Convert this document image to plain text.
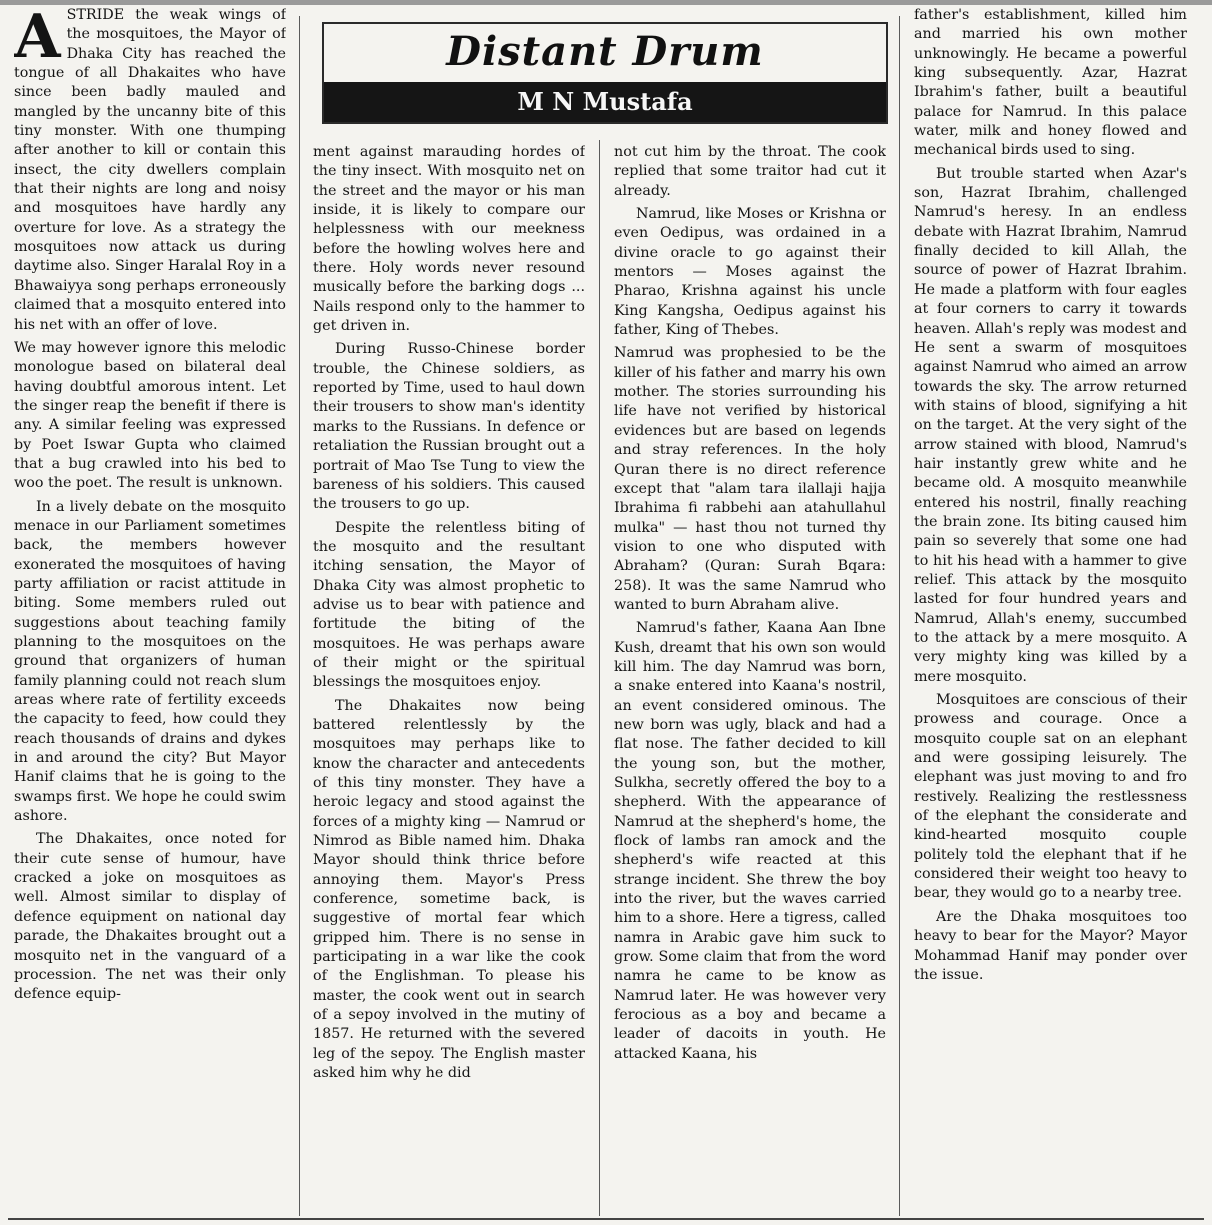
ASTRIDE the weak wings of the mosquitoes, the Mayor of Dhaka City has reached the tongue of all Dhakaites who have since been badly mauled and mangled by the uncanny bite of this tiny monster. With one thumping after another to kill or contain this insect, the city dwellers complain that their nights are long and noisy and mosquitoes have hardly any overture for love. As a strategy the mosquitoes now attack us during daytime also. Singer Haralal Roy in a Bhawaiyya song perhaps erroneously claimed that a mosquito entered into his net with an offer of love.

We may however ignore this melodic monologue based on bilateral deal having doubtful amorous intent. Let the singer reap the benefit if there is any. A similar feeling was expressed by Poet Iswar Gupta who claimed that a bug crawled into his bed to woo the poet. The result is unknown.

In a lively debate on the mosquito menace in our Parliament sometimes back, the members however exonerated the mosquitoes of having party affiliation or racist attitude in biting. Some members ruled out suggestions about teaching family planning to the mosquitoes on the ground that organizers of human family planning could not reach slum areas where rate of fertility exceeds the capacity to feed, how could they reach thousands of drains and dykes in and around the city? But Mayor Hanif claims that he is going to the swamps first. We hope he could swim ashore.

The Dhakaites, once noted for their cute sense of humour, have cracked a joke on mosquitoes as well. Almost similar to display of defence equipment on national day parade, the Dhakaites brought out a mosquito net in the vanguard of a procession. The net was their only defence equip-

Distant Drum
M N Mustafa

ment against marauding hordes of the tiny insect. With mosquito net on the street and the mayor or his man inside, it is likely to compare our helplessness with our meekness before the howling wolves here and there. Holy words never resound musically before the barking dogs ... Nails respond only to the hammer to get driven in.

During Russo-Chinese border trouble, the Chinese soldiers, as reported by Time, used to haul down their trousers to show man's identity marks to the Russians. In defence or retaliation the Russian brought out a portrait of Mao Tse Tung to view the bareness of his soldiers. This caused the trousers to go up.

Despite the relentless biting of the mosquito and the resultant itching sensation, the Mayor of Dhaka City was almost prophetic to advise us to bear with patience and fortitude the biting of the mosquitoes. He was perhaps aware of their might or the spiritual blessings the mosquitoes enjoy.

The Dhakaites now being battered relentlessly by the mosquitoes may perhaps like to know the character and antecedents of this tiny monster. They have a heroic legacy and stood against the forces of a mighty king — Namrud or Nimrod as Bible named him. Dhaka Mayor should think thrice before annoying them. Mayor's Press conference, sometime back, is suggestive of mortal fear which gripped him. There is no sense in participating in a war like the cook of the Englishman. To please his master, the cook went out in search of a sepoy involved in the mutiny of 1857. He returned with the severed leg of the sepoy. The English master asked him why he did

not cut him by the throat. The cook replied that some traitor had cut it already.

Namrud, like Moses or Krishna or even Oedipus, was ordained in a divine oracle to go against their mentors — Moses against the Pharao, Krishna against his uncle King Kangsha, Oedipus against his father, King of Thebes.

Namrud was prophesied to be the killer of his father and marry his own mother. The stories surrounding his life have not verified by historical evidences but are based on legends and stray references. In the holy Quran there is no direct reference except that "alam tara ilallaji hajja Ibrahima fi rabbehi aan atahullahul mulka" — hast thou not turned thy vision to one who disputed with Abraham? (Quran: Surah Bqara: 258). It was the same Namrud who wanted to burn Abraham alive.

Namrud's father, Kaana Aan Ibne Kush, dreamt that his own son would kill him. The day Namrud was born, a snake entered into Kaana's nostril, an event considered ominous. The new born was ugly, black and had a flat nose. The father decided to kill the young son, but the mother, Sulkha, secretly offered the boy to a shepherd. With the appearance of Namrud at the shepherd's home, the flock of lambs ran amock and the shepherd's wife reacted at this strange incident. She threw the boy into the river, but the waves carried him to a shore. Here a tigress, called namra in Arabic gave him suck to grow. Some claim that from the word namra he came to be know as Namrud later. He was however very ferocious as a boy and became a leader of dacoits in youth. He attacked Kaana, his

father's establishment, killed him and married his own mother unknowingly. He became a powerful king subsequently. Azar, Hazrat Ibrahim's father, built a beautiful palace for Namrud. In this palace water, milk and honey flowed and mechanical birds used to sing.

But trouble started when Azar's son, Hazrat Ibrahim, challenged Namrud's heresy. In an endless debate with Hazrat Ibrahim, Namrud finally decided to kill Allah, the source of power of Hazrat Ibrahim. He made a platform with four eagles at four corners to carry it towards heaven. Allah's reply was modest and He sent a swarm of mosquitoes against Namrud who aimed an arrow towards the sky. The arrow returned with stains of blood, signifying a hit on the target. At the very sight of the arrow stained with blood, Namrud's hair instantly grew white and he became old. A mosquito meanwhile entered his nostril, finally reaching the brain zone. Its biting caused him pain so severely that some one had to hit his head with a hammer to give relief. This attack by the mosquito lasted for four hundred years and Namrud, Allah's enemy, succumbed to the attack by a mere mosquito. A very mighty king was killed by a mere mosquito.

Mosquitoes are conscious of their prowess and courage. Once a mosquito couple sat on an elephant and were gossiping leisurely. The elephant was just moving to and fro restively. Realizing the restlessness of the elephant the considerate and kind-hearted mosquito couple politely told the elephant that if he considered their weight too heavy to bear, they would go to a nearby tree.

Are the Dhaka mosquitoes too heavy to bear for the Mayor? Mayor Mohammad Hanif may ponder over the issue.
